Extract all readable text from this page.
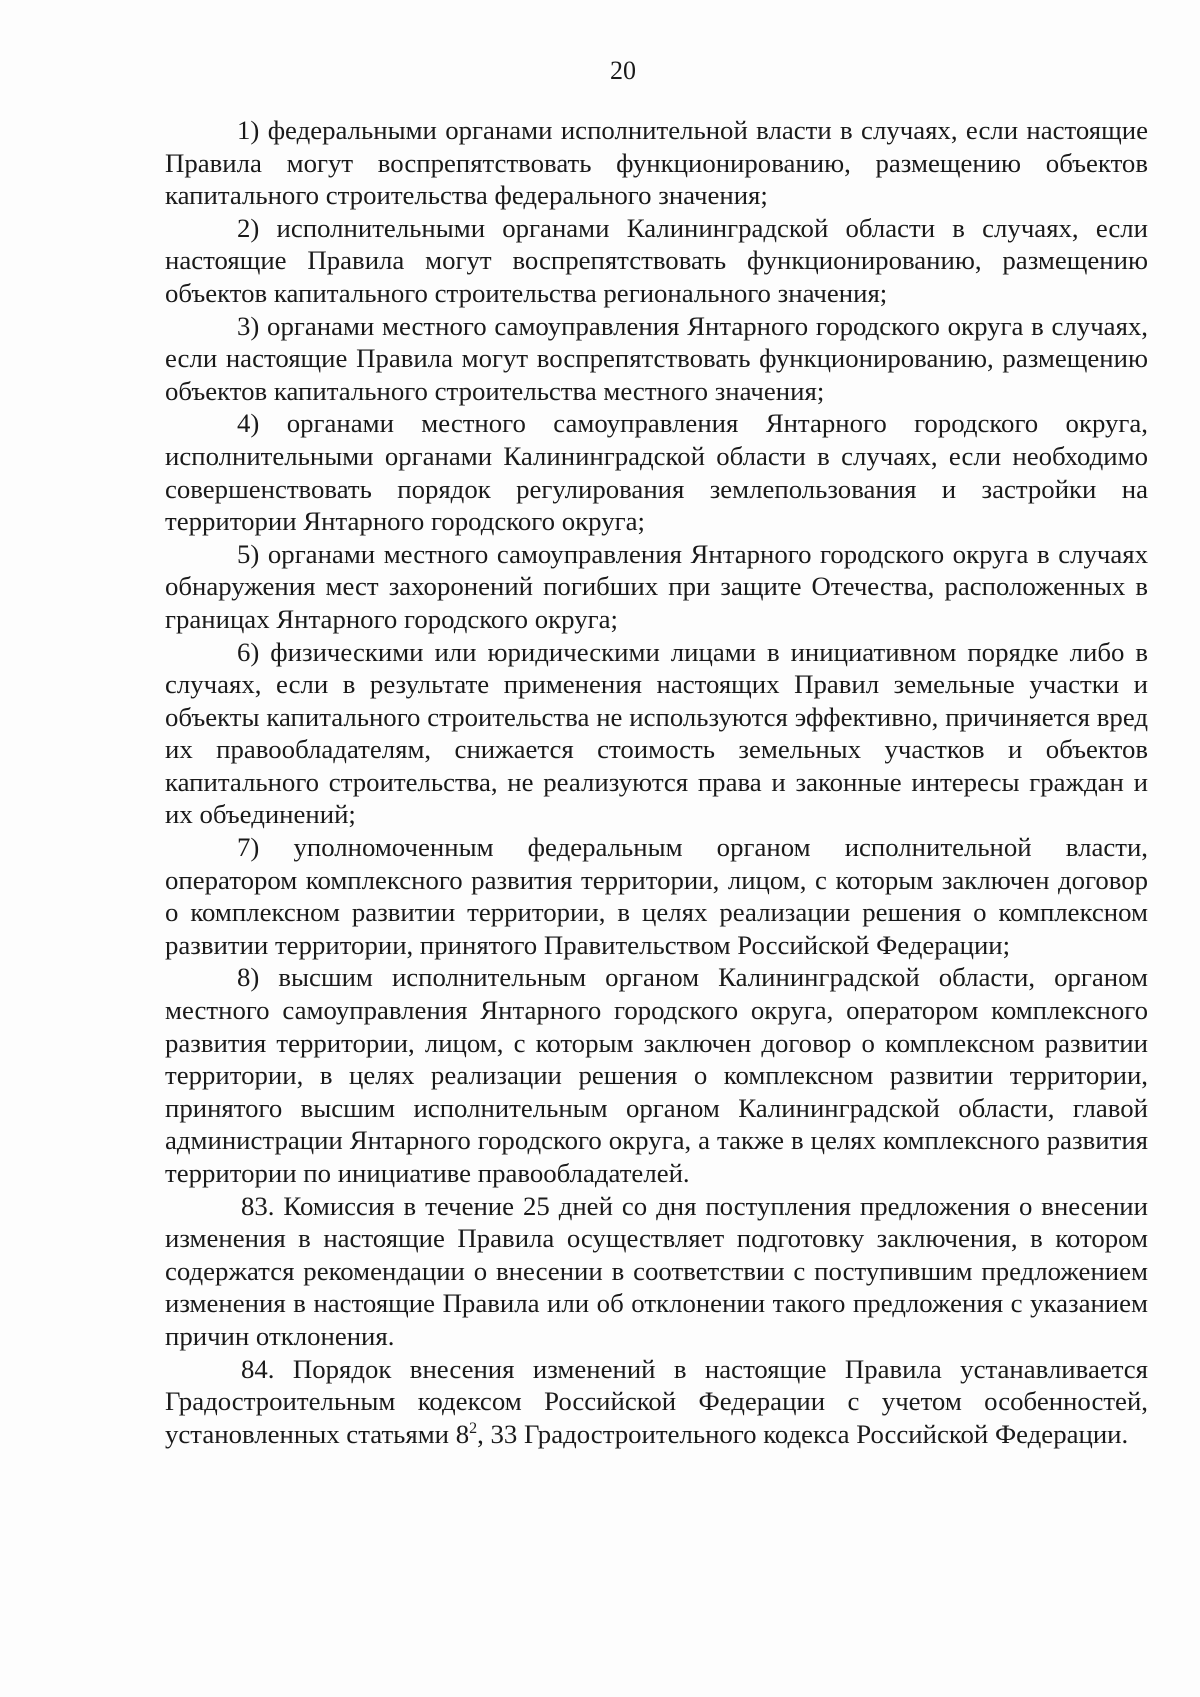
20

1) федеральными органами исполнительной власти в случаях, если настоящие Правила могут воспрепятствовать функционированию, размещению объектов капитального строительства федерального значения;

2) исполнительными органами Калининградской области в случаях, если настоящие Правила могут воспрепятствовать функционированию, размещению объектов капитального строительства регионального значения;

3) органами местного самоуправления Янтарного городского округа в случаях, если настоящие Правила могут воспрепятствовать функционированию, размещению объектов капитального строительства местного значения;

4) органами местного самоуправления Янтарного городского округа, исполнительными органами Калининградской области в случаях, если необходимо совершенствовать порядок регулирования землепользования и застройки на территории Янтарного городского округа;

5) органами местного самоуправления Янтарного городского округа в случаях обнаружения мест захоронений погибших при защите Отечества, расположенных в границах Янтарного городского округа;

6) физическими или юридическими лицами в инициативном порядке либо в случаях, если в результате применения настоящих Правил земельные участки и объекты капитального строительства не используются эффективно, причиняется вред их правообладателям, снижается стоимость земельных участков и объектов капитального строительства, не реализуются права и законные интересы граждан и их объединений;

7) уполномоченным федеральным органом исполнительной власти, оператором комплексного развития территории, лицом, с которым заключен договор о комплексном развитии территории, в целях реализации решения о комплексном развитии территории, принятого Правительством Российской Федерации;

8) высшим исполнительным органом Калининградской области, органом местного самоуправления Янтарного городского округа, оператором комплексного развития территории, лицом, с которым заключен договор о комплексном развитии территории, в целях реализации решения о комплексном развитии территории, принятого высшим исполнительным органом Калининградской области, главой администрации Янтарного городского округа, а также в целях комплексного развития территории по инициативе правообладателей.

83. Комиссия в течение 25 дней со дня поступления предложения о внесении изменения в настоящие Правила осуществляет подготовку заключения, в котором содержатся рекомендации о внесении в соответствии с поступившим предложением изменения в настоящие Правила или об отклонении такого предложения с указанием причин отклонения.

84. Порядок внесения изменений в настоящие Правила устанавливается Градостроительным кодексом Российской Федерации с учетом особенностей, установленных статьями $8^2$, 33 Градостроительного кодекса Российской Федерации.
